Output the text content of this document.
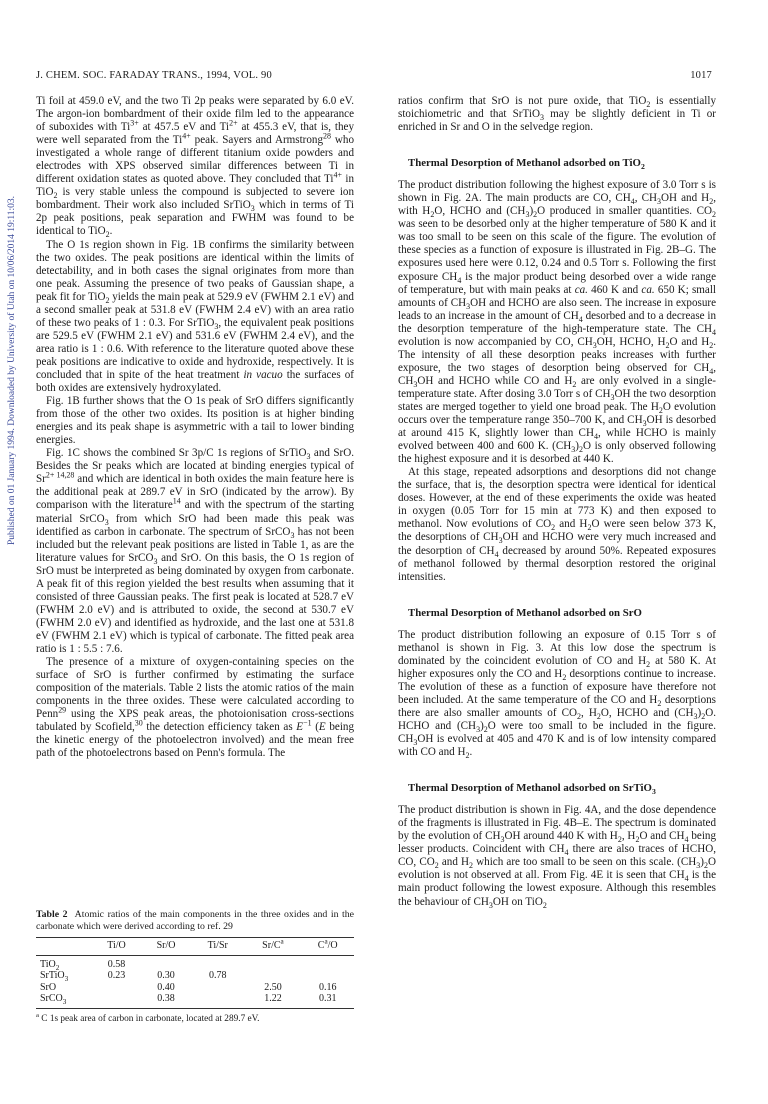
J. CHEM. SOC. FARADAY TRANS., 1994, VOL. 90	1017
Published on 01 January 1994. Downloaded by University of Utah on 10/06/2014 19:11:03.

Ti foil at 459.0 eV, and the two Ti 2p peaks were separated by 6.0 eV. The argon-ion bombardment of their oxide film led to the appearance of suboxides with $Ti^{3+}$ at 457.5 eV and $Ti^{2+}$ at 455.3 eV, that is, they were well separated from the $Ti^{4+}$ peak. Sayers and Armstrong$^{28}$ who investigated a whole range of different titanium oxide powders and electrodes with XPS observed similar differences between Ti in different oxidation states as quoted above. They concluded that $Ti^{4+}$ in TiO$_2$ is very stable unless the compound is subjected to severe ion bombardment. Their work also included SrTiO$_3$ which in terms of Ti 2p peak positions, peak separation and FWHM was found to be identical to TiO$_2$.

The O 1s region shown in Fig. 1B confirms the similarity between the two oxides. The peak positions are identical within the limits of detectability, and in both cases the signal originates from more than one peak. Assuming the presence of two peaks of Gaussian shape, a peak fit for TiO$_2$ yields the main peak at 529.9 eV (FWHM 2.1 eV) and a second smaller peak at 531.8 eV (FWHM 2.4 eV) with an area ratio of these two peaks of 1 : 0.3. For SrTiO$_3$, the equivalent peak positions are 529.5 eV (FWHM 2.1 eV) and 531.6 eV (FWHM 2.4 eV), and the area ratio is 1 : 0.6. With reference to the literature quoted above these peak positions are indicative to oxide and hydroxide, respectively. It is concluded that in spite of the heat treatment in vacuo the surfaces of both oxides are extensively hydroxylated.

Fig. 1B further shows that the O 1s peak of SrO differs significantly from those of the other two oxides. Its position is at higher binding energies and its peak shape is asymmetric with a tail to lower binding energies.

Fig. 1C shows the combined Sr 3p/C 1s regions of SrTiO$_3$ and SrO. Besides the Sr peaks which are located at binding energies typical of $Sr^{2+ 14,28}$ and which are identical in both oxides the main feature here is the additional peak at 289.7 eV in SrO (indicated by the arrow). By comparison with the literature$^{14}$ and with the spectrum of the starting material SrCO$_3$ from which SrO had been made this peak was identified as carbon in carbonate. The spectrum of SrCO$_3$ has not been included but the relevant peak positions are listed in Table 1, as are the literature values for SrCO$_3$ and SrO. On this basis, the O 1s region of SrO must be interpreted as being dominated by oxygen from carbonate. A peak fit of this region yielded the best results when assuming that it consisted of three Gaussian peaks. The first peak is located at 528.7 eV (FWHM 2.0 eV) and is attributed to oxide, the second at 530.7 eV (FWHM 2.0 eV) and identified as hydroxide, and the last one at 531.8 eV (FWHM 2.1 eV) which is typical of carbonate. The fitted peak area ratio is 1 : 5.5 : 7.6.

The presence of a mixture of oxygen-containing species on the surface of SrO is further confirmed by estimating the surface composition of the materials. Table 2 lists the atomic ratios of the main components in the three oxides. These were calculated according to Penn$^{29}$ using the XPS peak areas, the photoionisation cross-sections tabulated by Scofield,$^{30}$ the detection efficiency taken as $E^{-1}$ (E being the kinetic energy of the photoelectron involved) and the mean free path of the photoelectrons based on Penn's formula. The

Table 2 Atomic ratios of the main components in the three oxides and in the carbonate which were derived according to ref. 29

	Ti/O	Sr/O	Ti/Sr	$Sr/C^a$	$C^a/O$
TiO$_2$	0.58				
SrTiO$_3$	0.23	0.30	0.78		
SrO		0.40		2.50	0.16
SrCO$_3$		0.38		1.22	0.31
$^a$ C 1s peak area of carbon in carbonate, located at 289.7 eV.

ratios confirm that SrO is not pure oxide, that TiO$_2$ is essentially stoichiometric and that SrTiO$_3$ may be slightly deficient in Ti or enriched in Sr and O in the selvedge region.

Thermal Desorption of Methanol adsorbed on TiO$_2$

The product distribution following the highest exposure of 3.0 Torr s is shown in Fig. 2A. The main products are CO, $CH_4$, $CH_3OH$ and $H_2$, with $H_2O$, HCHO and $(CH_3)_2O$ produced in smaller quantities. $CO_2$ was seen to be desorbed only at the higher temperature of 580 K and it was too small to be seen on this scale of the figure. The evolution of these species as a function of exposure is illustrated in Fig. 2B–G. The exposures used here were 0.12, 0.24 and 0.5 Torr s. Following the first exposure $CH_4$ is the major product being desorbed over a wide range of temperature, but with main peaks at ca. 460 K and ca. 650 K; small amounts of $CH_3OH$ and HCHO are also seen. The increase in exposure leads to an increase in the amount of $CH_4$ desorbed and to a decrease in the desorption temperature of the high-temperature state. The $CH_4$ evolution is now accompanied by CO, $CH_3OH$, HCHO, $H_2O$ and $H_2$. The intensity of all these desorption peaks increases with further exposure, the two stages of desorption being observed for $CH_4$, $CH_3OH$ and HCHO while CO and $H_2$ are only evolved in a single-temperature state. After dosing 3.0 Torr s of $CH_3OH$ the two desorption states are merged together to yield one broad peak. The $H_2O$ evolution occurs over the temperature range 350–700 K, and $CH_3OH$ is desorbed at around 415 K, slightly lower than $CH_4$, while HCHO is mainly evolved between 400 and 600 K. $(CH_3)_2O$ is only observed following the highest exposure and it is desorbed at 440 K.

At this stage, repeated adsorptions and desorptions did not change the surface, that is, the desorption spectra were identical for identical doses. However, at the end of these experiments the oxide was heated in oxygen (0.05 Torr for 15 min at 773 K) and then exposed to methanol. Now evolutions of $CO_2$ and $H_2O$ were seen below 373 K, the desorptions of $CH_3OH$ and HCHO were very much increased and the desorption of $CH_4$ decreased by around 50%. Repeated exposures of methanol followed by thermal desorption restored the original intensities.

Thermal Desorption of Methanol adsorbed on SrO

The product distribution following an exposure of 0.15 Torr s of methanol is shown in Fig. 3. At this low dose the spectrum is dominated by the coincident evolution of CO and $H_2$ at 580 K. At higher exposures only the CO and $H_2$ desorptions continue to increase. The evolution of these as a function of exposure have therefore not been included. At the same temperature of the CO and $H_2$ desorptions there are also smaller amounts of $CO_2$, $H_2O$, HCHO and $(CH_3)_2O$. HCHO and $(CH_3)_2O$ were too small to be included in the figure. $CH_3OH$ is evolved at 405 and 470 K and is of low intensity compared with CO and $H_2$.

Thermal Desorption of Methanol adsorbed on SrTiO$_3$

The product distribution is shown in Fig. 4A, and the dose dependence of the fragments is illustrated in Fig. 4B–E. The spectrum is dominated by the evolution of $CH_3OH$ around 440 K with $H_2$, $H_2O$ and $CH_4$ being lesser products. Coincident with $CH_4$ there are also traces of HCHO, CO, $CO_2$ and $H_2$ which are too small to be seen on this scale. $(CH_3)_2O$ evolution is not observed at all. From Fig. 4E it is seen that $CH_4$ is the main product following the lowest exposure. Although this resembles the behaviour of $CH_3OH$ on TiO$_2$
